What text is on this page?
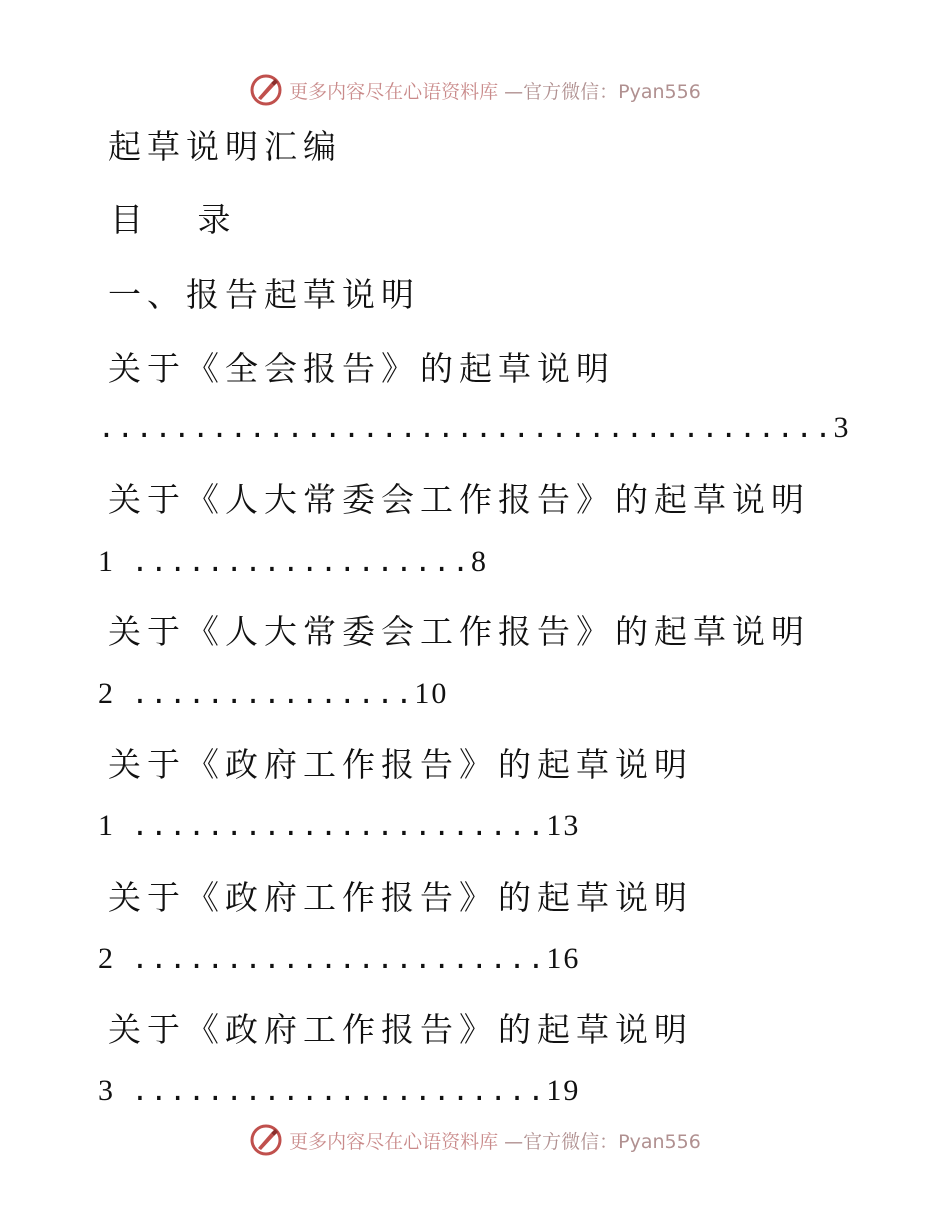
更多内容尽在心语资料库 —官方微信：Pyan556
起草说明汇编
目 录
一、报告起草说明
关于《全会报告》的起草说明
.......................................3
关于《人大常委会工作报告》的起草说明
1 ..................8
关于《人大常委会工作报告》的起草说明
2 ...............10
关于《政府工作报告》的起草说明
1 ......................13
关于《政府工作报告》的起草说明
2 ......................16
关于《政府工作报告》的起草说明
3 ......................19
更多内容尽在心语资料库 —官方微信：Pyan556
